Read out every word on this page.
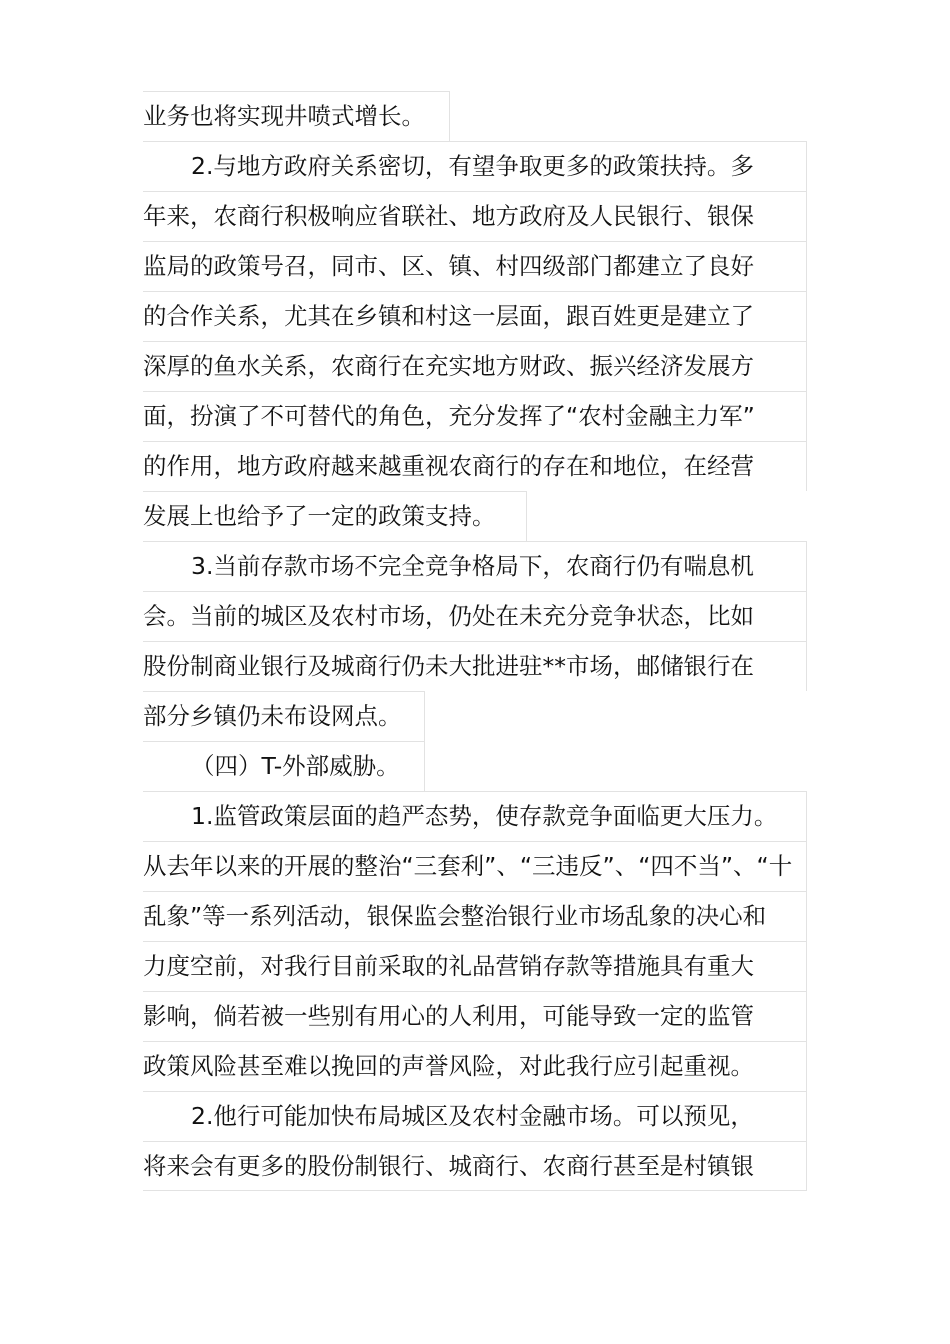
业务也将实现井喷式增长。
2.与地方政府关系密切，有望争取更多的政策扶持。多
年来，农商行积极响应省联社、地方政府及人民银行、银保
监局的政策号召，同市、区、镇、村四级部门都建立了良好
的合作关系，尤其在乡镇和村这一层面，跟百姓更是建立了
深厚的鱼水关系，农商行在充实地方财政、振兴经济发展方
面，扮演了不可替代的角色，充分发挥了“农村金融主力军”
的作用，地方政府越来越重视农商行的存在和地位，在经营
发展上也给予了一定的政策支持。
3.当前存款市场不完全竞争格局下，农商行仍有喘息机
会。当前的城区及农村市场，仍处在未充分竞争状态，比如
股份制商业银行及城商行仍未大批进驻**市场，邮储银行在
部分乡镇仍未布设网点。
（四）T-外部威胁。
1.监管政策层面的趋严态势，使存款竞争面临更大压力。
从去年以来的开展的整治“三套利”、“三违反”、“四不当”、“十
乱象”等一系列活动，银保监会整治银行业市场乱象的决心和
力度空前，对我行目前采取的礼品营销存款等措施具有重大
影响，倘若被一些别有用心的人利用，可能导致一定的监管
政策风险甚至难以挽回的声誉风险，对此我行应引起重视。
2.他行可能加快布局城区及农村金融市场。可以预见，
将来会有更多的股份制银行、城商行、农商行甚至是村镇银
